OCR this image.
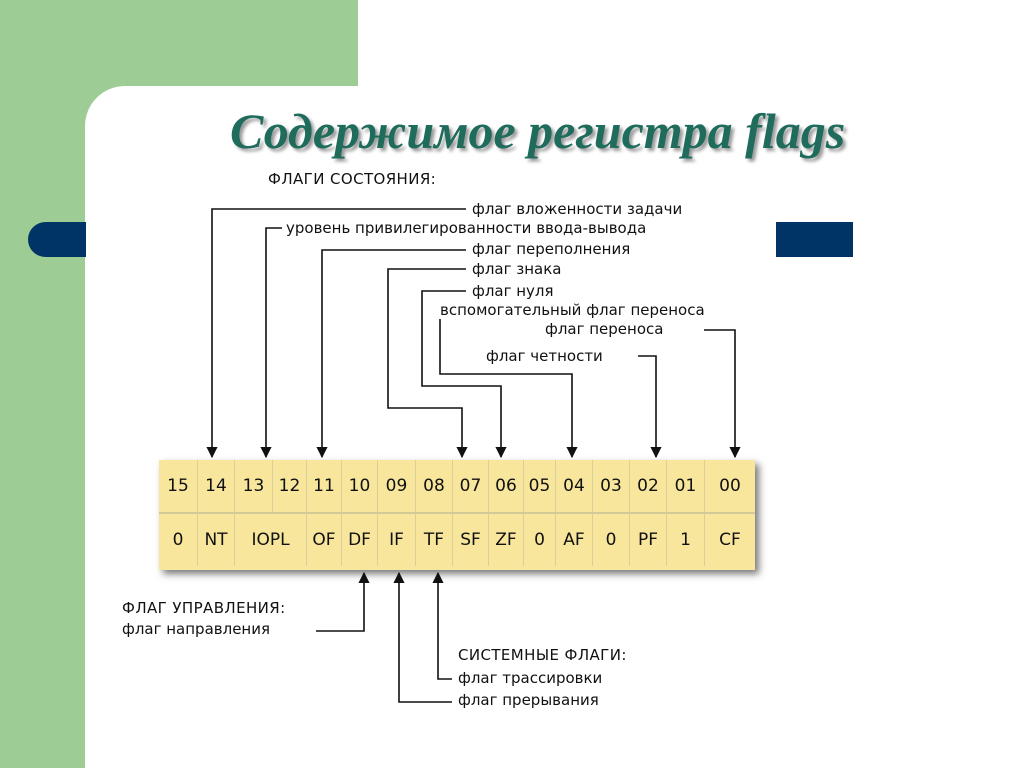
Содержимое регистра flags
ФЛАГИ СОСТОЯНИЯ:
флаг вложенности задачи
уровень привилегированности ввода-вывода
флаг переполнения
флаг знака
флаг нуля
вспомогательный флаг переноса
флаг переноса
флаг четности
15 14 13 12 11 10 09 08 07 06 05 04 03 02 01	00
0	NT	IOPL	OF DF	IF	TF SF ZF	0	AF	0	PF	1	CF
ФЛАГ УПРАВЛЕНИЯ:
флаг направления
СИСТЕМНЫЕ ФЛАГИ:
флаг трассировки
флаг прерывания
